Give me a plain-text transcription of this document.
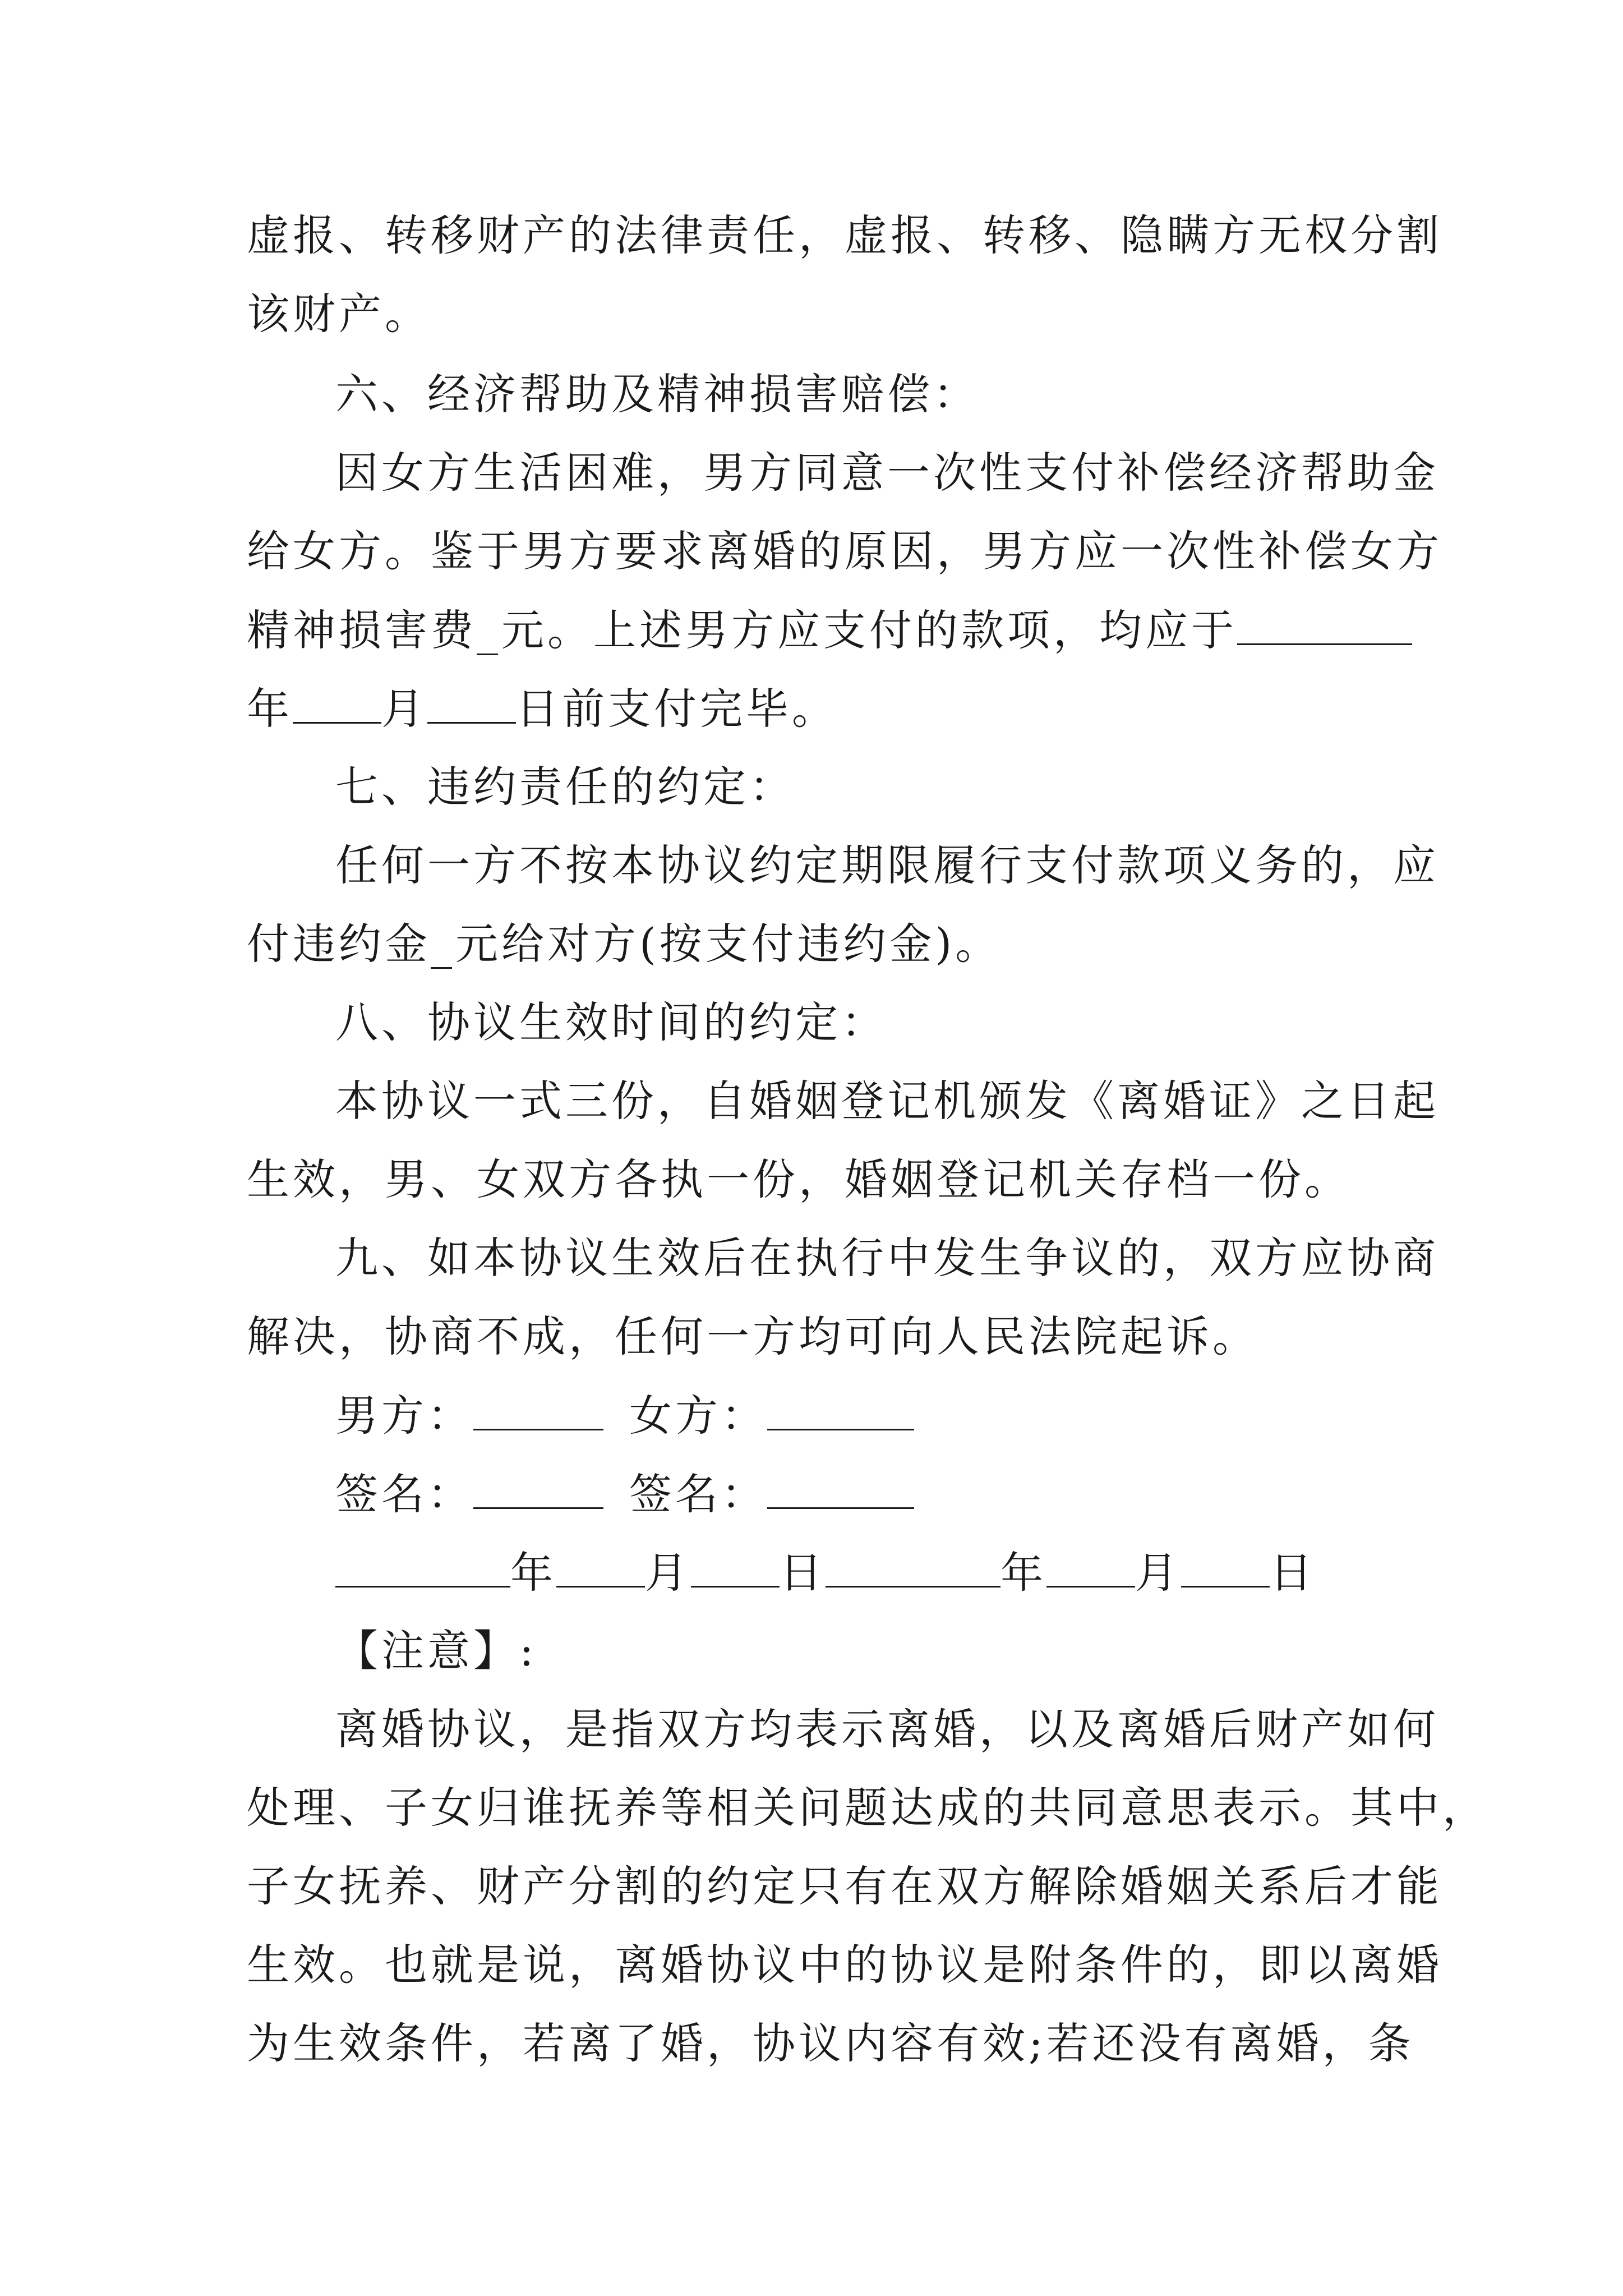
虚报、转移财产的法律责任，虚报、转移、隐瞒方无权分割
该财产。
六、经济帮助及精神损害赔偿：
因女方生活困难，男方同意一次性支付补偿经济帮助金
给女方。鉴于男方要求离婚的原因，男方应一次性补偿女方
精神损害费_元。上述男方应支付的款项，均应于
年 月 日前支付完毕。
七、违约责任的约定：
任何一方不按本协议约定期限履行支付款项义务的，应
付违约金_元给对方(按支付违约金)。
八、协议生效时间的约定：
本协议一式三份，自婚姻登记机颁发《离婚证》之日起
生效，男、女双方各执一份，婚姻登记机关存档一份。
九、如本协议生效后在执行中发生争议的，双方应协商
解决，协商不成，任何一方均可向人民法院起诉。
男方：	女方：
签名：	签名：
年 月 日	年 月 日
【注意】:
离婚协议，是指双方均表示离婚，以及离婚后财产如何
处理、子女归谁抚养等相关问题达成的共同意思表示。其中，
子女抚养、财产分割的约定只有在双方解除婚姻关系后才能
生效。也就是说，离婚协议中的协议是附条件的，即以离婚
为生效条件，若离了婚，协议内容有效;若还没有离婚，条
